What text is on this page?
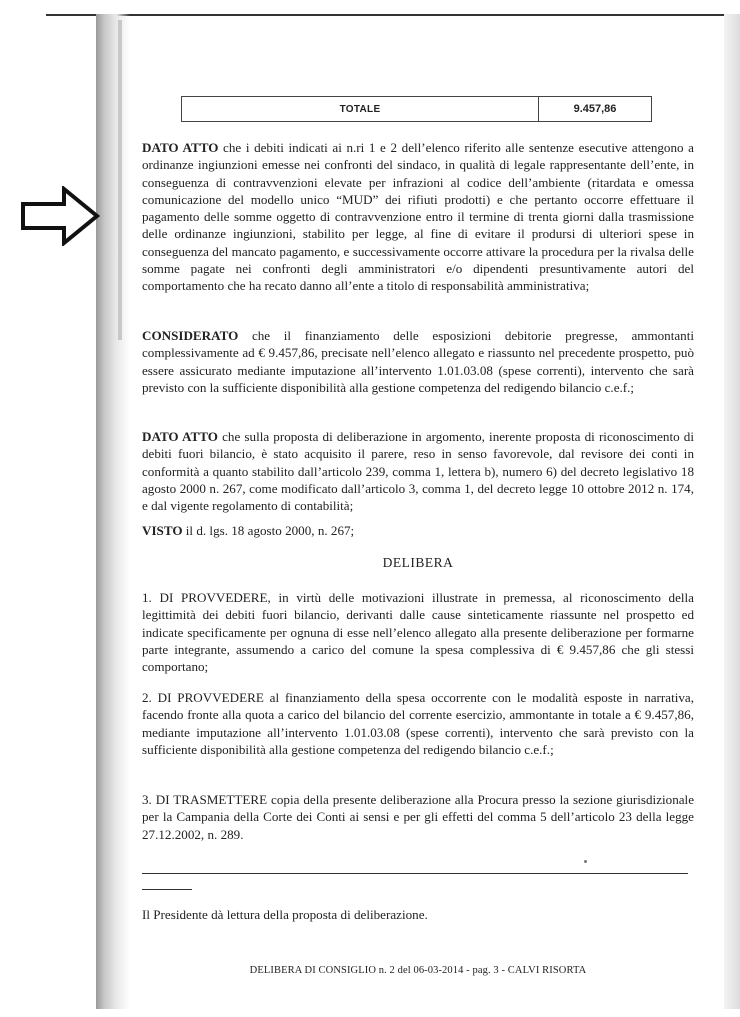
TOTALE	9.457,86

DATO ATTO che i debiti indicati ai n.ri 1 e 2 dell’elenco riferito alle sentenze esecutive attengono a ordinanze ingiunzioni emesse nei confronti del sindaco, in qualità di legale rappresentante dell’ente, in conseguenza di contravvenzioni elevate per infrazioni al codice dell’ambiente (ritardata e omessa comunicazione del modello unico “MUD” dei rifiuti prodotti) e che pertanto occorre effettuare il pagamento delle somme oggetto di contravvenzione entro il termine di trenta giorni dalla trasmissione delle ordinanze ingiunzioni, stabilito per legge, al fine di evitare il prodursi di ulteriori spese in conseguenza del mancato pagamento, e successivamente occorre attivare la procedura per la rivalsa delle somme pagate nei confronti degli amministratori e/o dipendenti presuntivamente autori del comportamento che ha recato danno all’ente a titolo di responsabilità amministrativa;

CONSIDERATO che il finanziamento delle esposizioni debitorie pregresse, ammontanti complessivamente ad € 9.457,86, precisate nell’elenco allegato e riassunto nel precedente prospetto, può essere assicurato mediante imputazione all’intervento 1.01.03.08 (spese correnti), intervento che sarà previsto con la sufficiente disponibilità alla gestione competenza del redigendo bilancio c.e.f.;

DATO ATTO che sulla proposta di deliberazione in argomento, inerente proposta di riconoscimento di debiti fuori bilancio, è stato acquisito il parere, reso in senso favorevole, dal revisore dei conti in conformità a quanto stabilito dall’articolo 239, comma 1, lettera b), numero 6) del decreto legislativo 18 agosto 2000 n. 267, come modificato dall’articolo 3, comma 1, del decreto legge 10 ottobre 2012 n. 174, e dal vigente regolamento di contabilità;

VISTO il d. lgs. 18 agosto 2000, n. 267;

DELIBERA

1. DI PROVVEDERE, in virtù delle motivazioni illustrate in premessa, al riconoscimento della legittimità dei debiti fuori bilancio, derivanti dalle cause sinteticamente riassunte nel prospetto ed indicate specificamente per ognuna di esse nell’elenco allegato alla presente deliberazione per formarne parte integrante, assumendo a carico del comune la spesa complessiva di € 9.457,86 che gli stessi comportano;

2. DI PROVVEDERE al finanziamento della spesa occorrente con le modalità esposte in narrativa, facendo fronte alla quota a carico del bilancio del corrente esercizio, ammontante in totale a € 9.457,86, mediante imputazione all’intervento 1.01.03.08 (spese correnti), intervento che sarà previsto con la sufficiente disponibilità alla gestione competenza del redigendo bilancio c.e.f.;

3. DI TRASMETTERE copia della presente deliberazione alla Procura presso la sezione giurisdizionale per la Campania della Corte dei Conti ai sensi e per gli effetti del comma 5 dell’articolo 23 della legge 27.12.2002, n. 289.

Il Presidente dà lettura della proposta di deliberazione.

DELIBERA DI CONSIGLIO n. 2 del 06-03-2014 - pag. 3 - CALVI RISORTA
